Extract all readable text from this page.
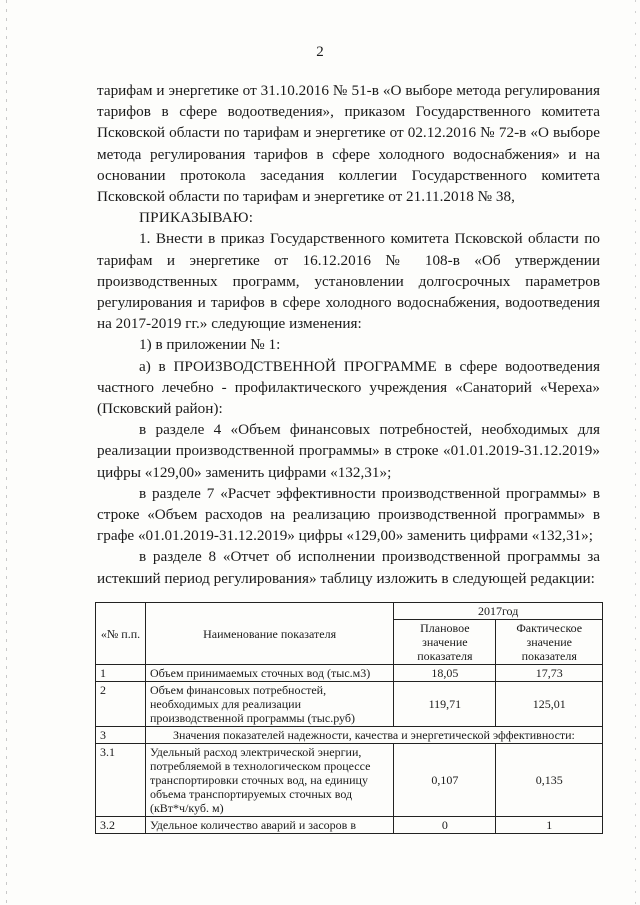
2

тарифам и энергетике от 31.10.2016 № 51-в «О выборе метода регулирования тарифов в сфере водоотведения», приказом Государственного комитета Псковской области по тарифам и энергетике от 02.12.2016 № 72-в «О выборе метода регулирования тарифов в сфере холодного водоснабжения» и на основании протокола заседания коллегии Государственного комитета Псковской области по тарифам и энергетике от 21.11.2018 № 38,

ПРИКАЗЫВАЮ:

1. Внести в приказ Государственного комитета Псковской области по тарифам и энергетике от 16.12.2016 № 108-в «Об утверждении производственных программ, установлении долгосрочных параметров регулирования и тарифов в сфере холодного водоснабжения, водоотведения на 2017-2019 гг.» следующие изменения:

1) в приложении № 1:

а) в ПРОИЗВОДСТВЕННОЙ ПРОГРАММЕ в сфере водоотведения частного лечебно - профилактического учреждения «Санаторий «Череха» (Псковский район):

в разделе 4 «Объем финансовых потребностей, необходимых для реализации производственной программы» в строке «01.01.2019-31.12.2019» цифры «129,00» заменить цифрами «132,31»;

в разделе 7 «Расчет эффективности производственной программы» в строке «Объем расходов на реализацию производственной программы» в графе «01.01.2019-31.12.2019» цифры «129,00» заменить цифрами «132,31»;

в разделе 8 «Отчет об исполнении производственной программы за истекший период регулирования» таблицу изложить в следующей редакции:

«№ п.п.	Наименование показателя	2017год	
		Плановое значение показателя	Фактическое значение показателя
1	Объем принимаемых сточных вод (тыс.м3)	18,05	17,73
2	Объем финансовых потребностей, необходимых для реализации производственной программы (тыс.руб)	119,71	125,01
3	Значения показателей надежности, качества и энергетической эффективности:		
3.1	Удельный расход электрической энергии, потребляемой в технологическом процессе транспортировки сточных вод, на единицу объема транспортируемых сточных вод (кВт*ч/куб. м)	0,107	0,135
3.2	Удельное количество аварий и засоров в	0	1
